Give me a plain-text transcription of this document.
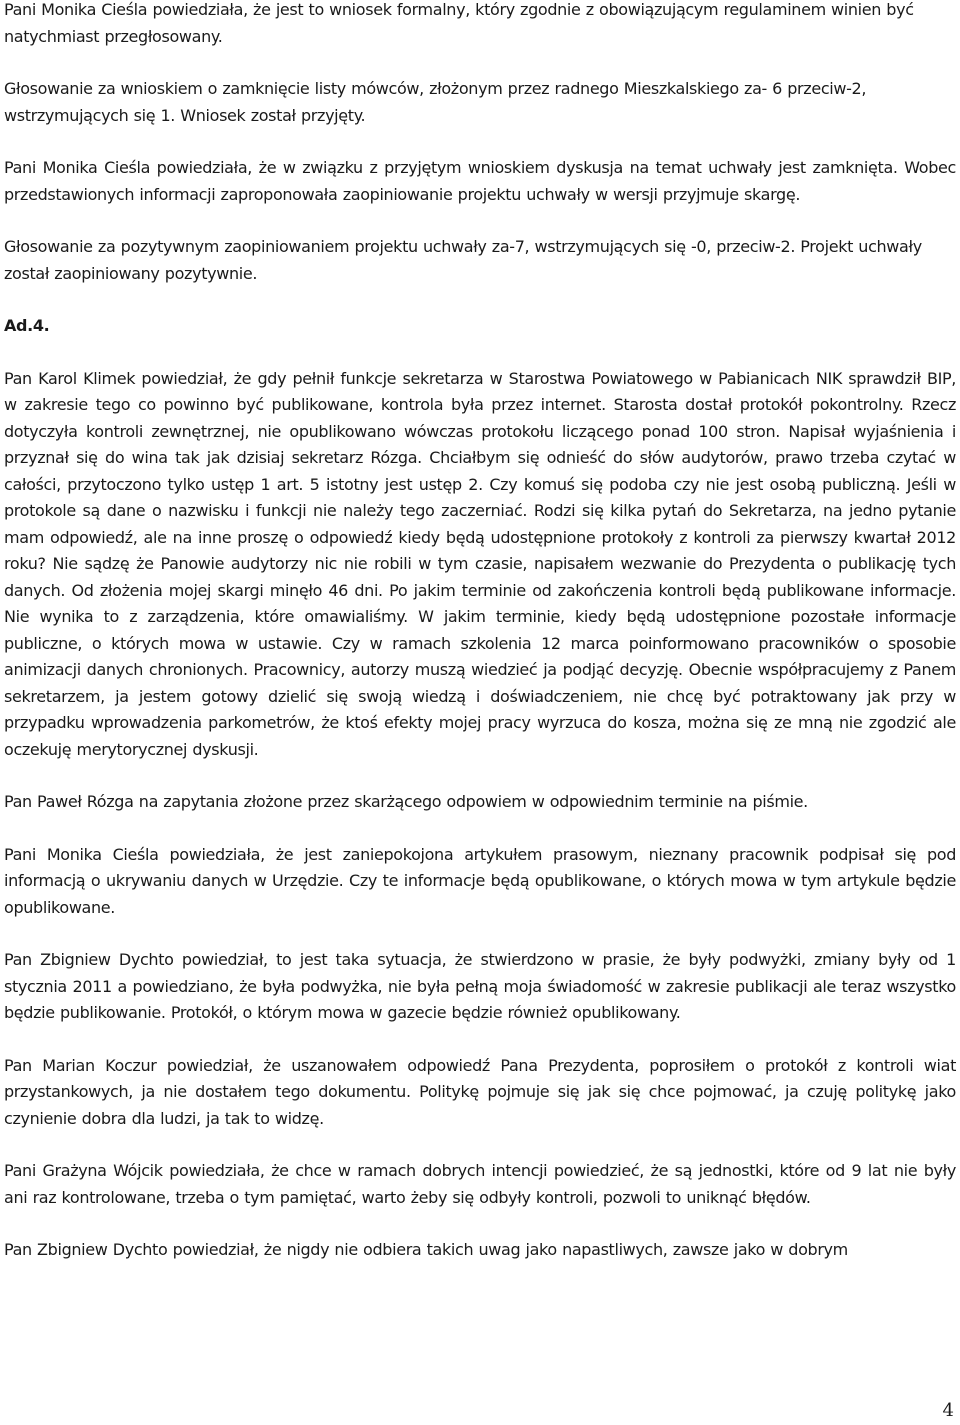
Pani Monika Cieśla powiedziała, że jest to wniosek formalny, który zgodnie z obowiązującym regulaminem winien być natychmiast przegłosowany.

Głosowanie za wnioskiem o zamknięcie listy mówców, złożonym przez radnego Mieszkalskiego za- 6 przeciw-2, wstrzymujących się 1. Wniosek został przyjęty.

Pani Monika Cieśla powiedziała, że w związku z przyjętym wnioskiem dyskusja na temat uchwały jest zamknięta. Wobec przedstawionych informacji zaproponowała zaopiniowanie projektu uchwały w wersji przyjmuje skargę.

Głosowanie za pozytywnym zaopiniowaniem projektu uchwały za-7, wstrzymujących się -0, przeciw-2. Projekt uchwały został zaopiniowany pozytywnie.

Ad.4.

Pan Karol Klimek powiedział, że gdy pełnił funkcje sekretarza w Starostwa Powiatowego w Pabianicach NIK sprawdził BIP, w zakresie tego co powinno być publikowane, kontrola była przez internet. Starosta dostał protokół pokontrolny. Rzecz dotyczyła kontroli zewnętrznej, nie opublikowano wówczas protokołu liczącego ponad 100 stron. Napisał wyjaśnienia i przyznał się do wina tak jak dzisiaj sekretarz Rózga. Chciałbym się odnieść do słów audytorów, prawo trzeba czytać w całości, przytoczono tylko ustęp 1 art. 5 istotny jest ustęp 2. Czy komuś się podoba czy nie jest osobą publiczną. Jeśli w protokole są dane o nazwisku i funkcji nie należy tego zaczerniać. Rodzi się kilka pytań do Sekretarza, na jedno pytanie mam odpowiedź, ale na inne proszę o odpowiedź kiedy będą udostępnione protokoły z kontroli za pierwszy kwartał 2012 roku? Nie sądzę że Panowie audytorzy nic nie robili w tym czasie, napisałem wezwanie do Prezydenta o publikację tych danych. Od złożenia mojej skargi minęło 46 dni. Po jakim terminie od zakończenia kontroli będą publikowane informacje. Nie wynika to z zarządzenia, które omawialiśmy. W jakim terminie, kiedy będą udostępnione pozostałe informacje publiczne, o których mowa w ustawie. Czy w ramach szkolenia 12 marca poinformowano pracowników o sposobie animizacji danych chronionych. Pracownicy, autorzy muszą wiedzieć ja podjąć decyzję. Obecnie współpracujemy z Panem sekretarzem, ja jestem gotowy dzielić się swoją wiedzą i doświadczeniem, nie chcę być potraktowany jak przy w przypadku wprowadzenia parkometrów, że ktoś efekty mojej pracy wyrzuca do kosza, można się ze mną nie zgodzić ale oczekuję merytorycznej dyskusji.

Pan Paweł Rózga na zapytania złożone przez skarżącego odpowiem w odpowiednim terminie na piśmie.

Pani Monika Cieśla powiedziała, że jest zaniepokojona artykułem prasowym, nieznany pracownik podpisał się pod informacją o ukrywaniu danych w Urzędzie. Czy te informacje będą opublikowane, o których mowa w tym artykule będzie opublikowane.

Pan Zbigniew Dychto powiedział, to jest taka sytuacja, że stwierdzono w prasie, że były podwyżki, zmiany były od 1 stycznia 2011 a powiedziano, że była podwyżka, nie była pełną moja świadomość w zakresie publikacji ale teraz wszystko będzie publikowanie. Protokół, o którym mowa w gazecie będzie również opublikowany.

Pan Marian Koczur powiedział, że uszanowałem odpowiedź Pana Prezydenta, poprosiłem o protokół z kontroli wiat przystankowych, ja nie dostałem tego dokumentu. Politykę pojmuje się jak się chce pojmować, ja czuję politykę jako czynienie dobra dla ludzi, ja tak to widzę.

Pani Grażyna Wójcik powiedziała, że chce w ramach dobrych intencji powiedzieć, że są jednostki, które od 9 lat nie były ani raz kontrolowane, trzeba o tym pamiętać, warto żeby się odbyły kontroli, pozwoli to uniknąć błędów.

Pan Zbigniew Dychto powiedział, że nigdy nie odbiera takich uwag jako napastliwych, zawsze jako w dobrym

4
